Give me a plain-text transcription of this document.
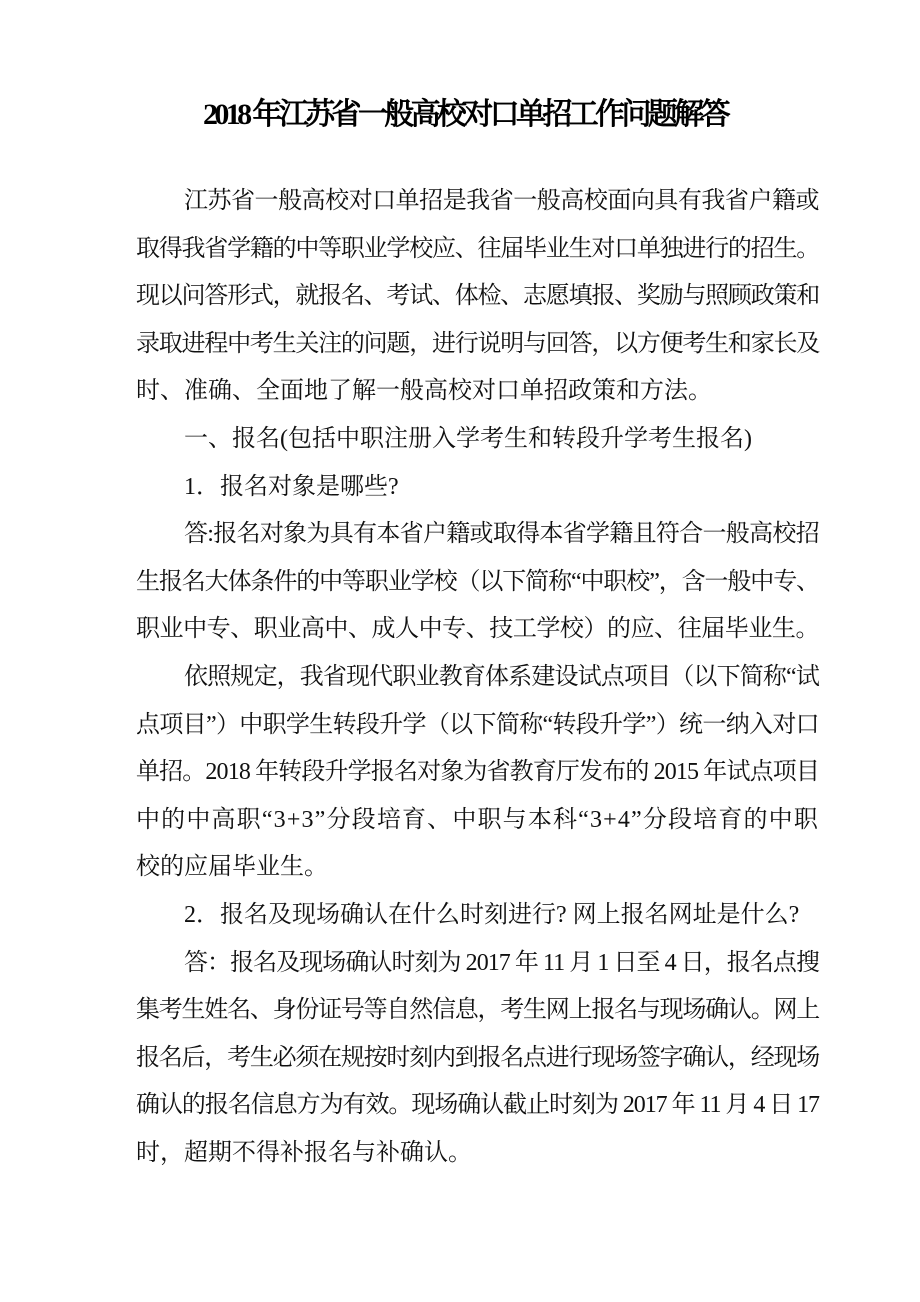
2018 年江苏省一般高校对口单招工作问题解答
江苏省一般高校对口单招是我省一般高校面向具有我省户籍或
取得我省学籍的中等职业学校应、往届毕业生对口单独进行的招生。
现以问答形式，就报名、考试、体检、志愿填报、奖励与照顾政策和
录取进程中考生关注的问题，进行说明与回答，以方便考生和家长及
时、准确、全面地了解一般高校对口单招政策和方法。
一、报名(包括中职注册入学考生和转段升学考生报名)
1．报名对象是哪些?
答:报名对象为具有本省户籍或取得本省学籍且符合一般高校招
生报名大体条件的中等职业学校（以下简称“中职校”，含一般中专、
职业中专、职业高中、成人中专、技工学校）的应、往届毕业生。
依照规定，我省现代职业教育体系建设试点项目（以下简称“试
点项目”）中职学生转段升学（以下简称“转段升学”）统一纳入对口
单招。2018 年转段升学报名对象为省教育厅发布的 2015 年试点项目
中的中高职“3+3”分段培育、中职与本科“3+4”分段培育的中职
校的应届毕业生。
2．报名及现场确认在什么时刻进行? 网上报名网址是什么?
答：报名及现场确认时刻为 2017 年 11 月 1 日至 4 日，报名点搜
集考生姓名、身份证号等自然信息，考生网上报名与现场确认。网上
报名后，考生必须在规按时刻内到报名点进行现场签字确认，经现场
确认的报名信息方为有效。现场确认截止时刻为 2017 年 11 月 4 日 17
时，超期不得补报名与补确认。
